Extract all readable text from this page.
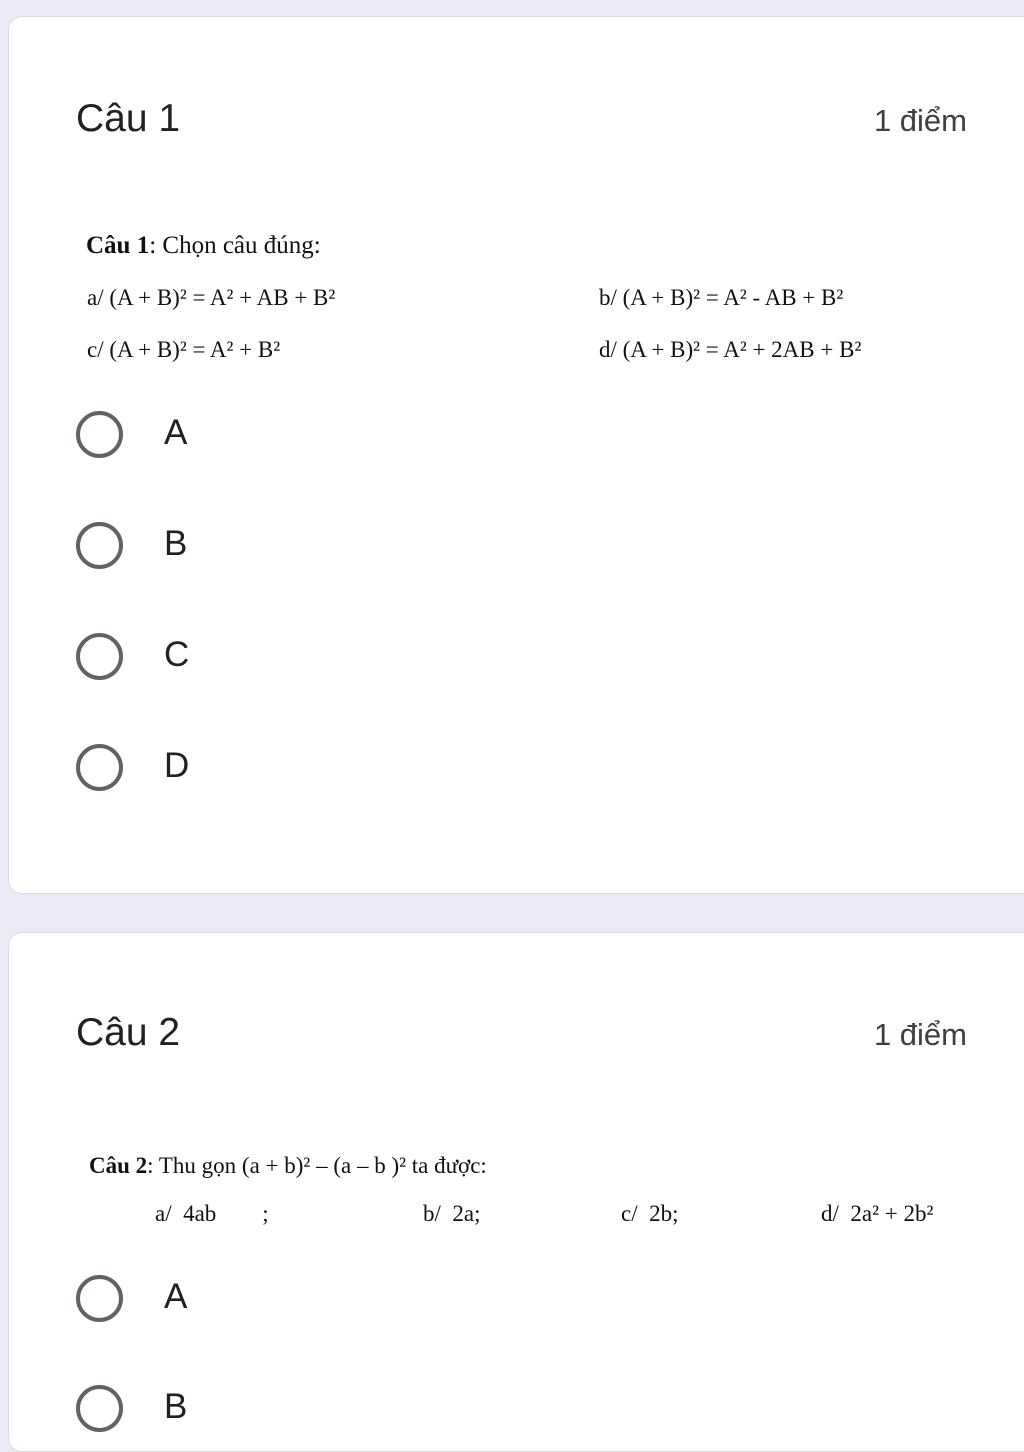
Câu 1	1 điểm
Câu 1: Chọn câu đúng:
a/ (A + B)² = A² + AB + B²	b/ (A + B)² = A² - AB + B²
c/ (A + B)² = A² + B²	d/ (A + B)² = A² + 2AB + B²
A
B
C
D
Câu 2	1 điểm
Câu 2: Thu gọn (a + b)² – (a – b )² ta được:
a/  4ab        ;	b/  2a;	c/  2b;	d/  2a² + 2b²
A
B
